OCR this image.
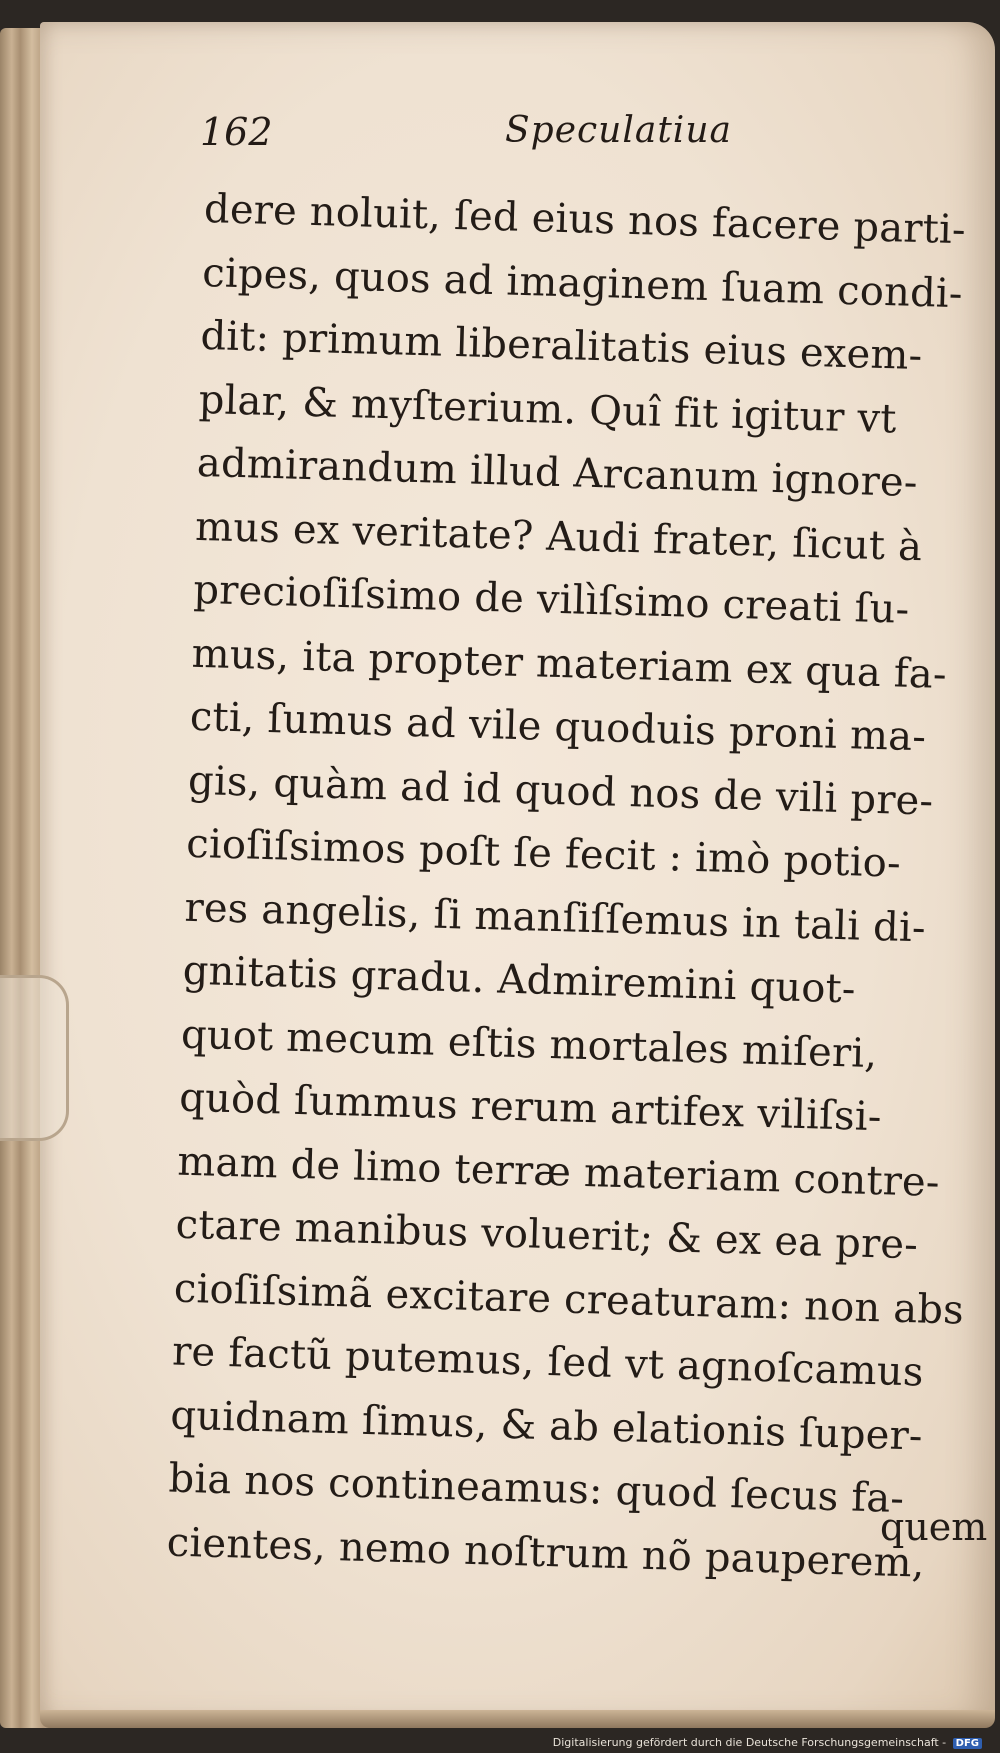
162	Speculatiua
dere noluit, ſed eius nos facere parti-
cipes, quos ad imaginem ſuam condi-
dit: primum liberalitatis eius exem-
plar, & myſterium. Quî fit igitur vt
admirandum illud Arcanum ignore-
mus ex veritate? Audi frater, ſicut à
precioſiſsimo de vilìſsimo creati ſu-
mus, ita propter materiam ex qua fa-
cti, ſumus ad vile quoduis proni ma-
gis, quàm ad id quod nos de vili pre-
cioſiſsimos poſt ſe fecit : imò potio-
res angelis, ſi manſiſſemus in tali di-
gnitatis gradu. Admiremini quot-
quot mecum eſtis mortales miſeri,
quòd ſummus rerum artifex viliſsi-
mam de limo terræ materiam contre-
ctare manibus voluerit; & ex ea pre-
cioſiſsimã excitare creaturam: non abs
re factũ putemus, ſed vt agnoſcamus
quidnam ſimus, & ab elationis ſuper-
bia nos contineamus: quod ſecus fa-
cientes, nemo noſtrum nõ pauperem,
quem
Digitalisierung gefördert durch die Deutsche Forschungsgemeinschaft - DFG
